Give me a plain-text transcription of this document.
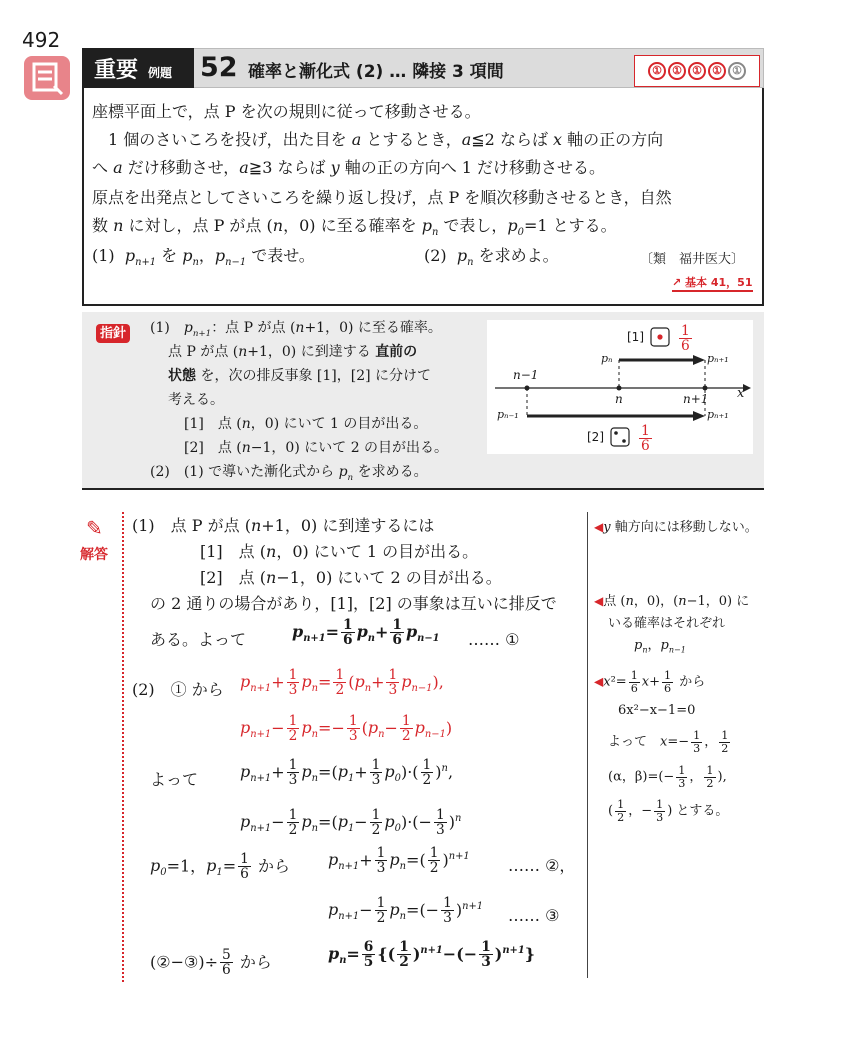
492
重要 例題 52 確率と漸化式 (2) … 隣接 3 項間	① ① ① ① ①
座標平面上で，点 P を次の規則に従って移動させる。
1 個のさいころを投げ，出た目を a とするとき，a≦2 ならば x 軸の正の方向
へ a だけ移動させ，a≧3 ならば y 軸の正の方向へ 1 だけ移動させる。
原点を出発点としてさいころを繰り返し投げ，点 P を順次移動させるとき，自然
数 n に対し，点 P が点 (n，0) に至る確率を $p_n$ で表し，$p_0=1$ とする。
(1) $p_{n+1}$ を $p_n$，$p_{n-1}$ で表せ。	(2) $p_n$ を求めよ。	〔類　福井医大〕
↗ 基本 41，51
指針 (1)　$p_{n+1}$：点 P が点 (n+1，0) に至る確率。
点 P が点 (n+1，0) に到達する 直前の
状態 を，次の排反事象 [1]，[2] に分けて
考える。
[1]　点 (n，0) にいて 1 の目が出る。
[2]　点 (n−1，0) にいて 2 の目が出る。
(2)　(1) で導いた漸化式から $p_n$ を求める。
[1]	$\frac{1}{6}$
[2]	$\frac{1}{6}$
n−1
n	n+1 x
pₙ	pₙ₊₁
pₙ₋₁	pₙ₊₁
✎
解答
(1)　点 P が点 (n+1，0) に到達するには
[1]　点 (n，0) にいて 1 の目が出る。
[2]　点 (n−1，0) にいて 2 の目が出る。
の 2 通りの場合があり，[1]，[2] の事象は互いに排反で
ある。よって	$p_{n+1}= \frac{1}{6} p_n+ \frac{1}{6} p_{n-1}$ …… ①
(2)　① から $p_{n+1}+ \frac{1}{3} p_n= \frac{1}{2} (p_n+ \frac{1}{3} p_{n-1})$,
$p_{n+1}- \frac{1}{2} p_n=- \frac{1}{3} (p_n- \frac{1}{2} p_{n-1})$
よって	$p_{n+1}+ \frac{1}{3} p_n=(p_1+ \frac{1}{3} p_0)\cdot( \frac{1}{2} )^n$,
$p_{n+1}- \frac{1}{2} p_n=(p_1- \frac{1}{2} p_0)\cdot(- \frac{1}{3} )^n$
$p_0=1$，$p_1= \frac{1}{6}$ から $p_{n+1}+ \frac{1}{3} p_n=( \frac{1}{2} )^{n+1}$ …… ②，
$p_{n+1}- \frac{1}{2} p_n=(- \frac{1}{3} )^{n+1}$ …… ③
(②−③)÷ $\frac{5}{6}$ から	$p_n= \frac{6}{5}$ {( $\frac{1}{2} )^{n+1}-(- \frac{1}{3} )^{n+1}$}
◀y 軸方向には移動しない。
◀点 (n，0)，(n−1，0) に
いる確率はそれぞれ
$p_n$，$p_{n-1}$
◀x²= $\frac{1}{6} x+ \frac{1}{6}$ から
6x²−x−1=0
よって　 $x=- \frac{1}{3}$ ， $\frac{1}{2}$
(α，$\beta)=(- \frac{1}{3}$ ， $\frac{1}{2}$ ),
( $\frac{1}{2}$ ，− $\frac{1}{3}$ ) とする。
